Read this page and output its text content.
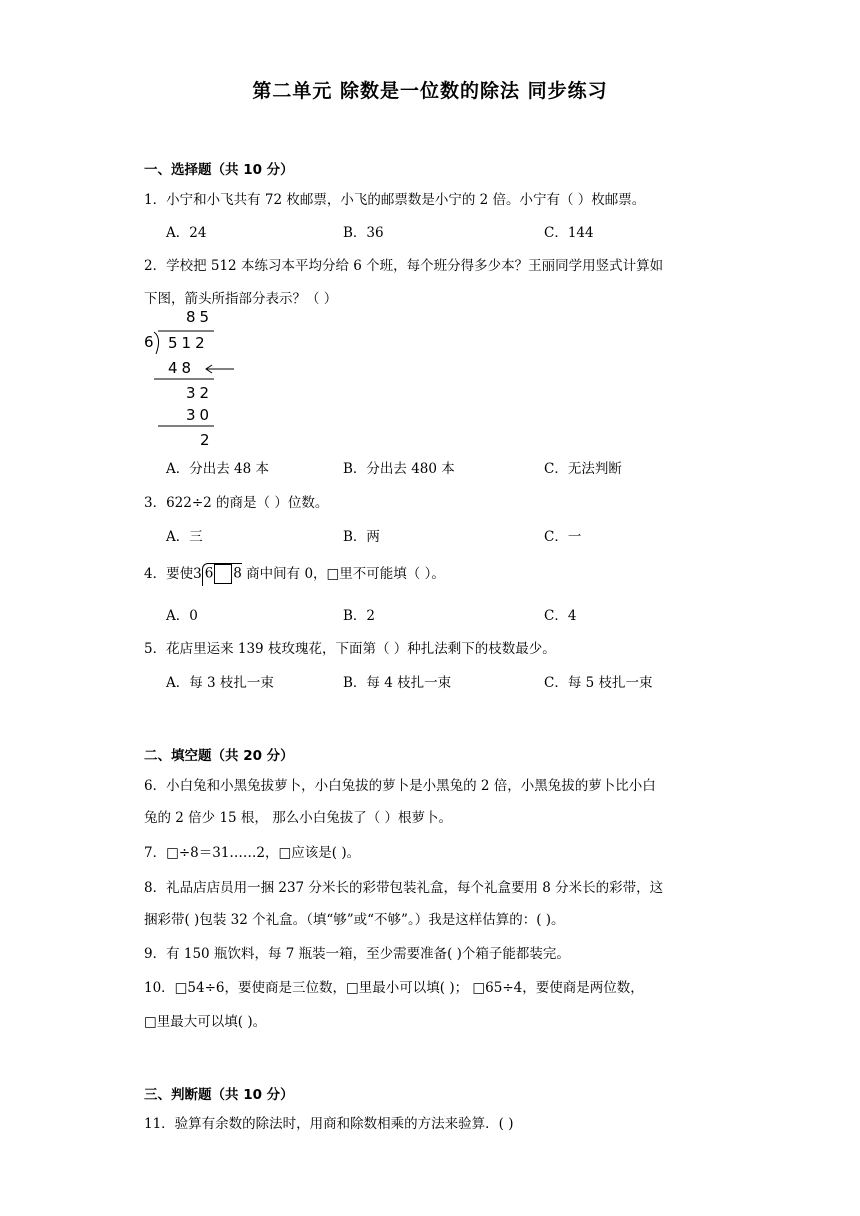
第二单元 除数是一位数的除法 同步练习
一、选择题（共 10 分）
1．小宁和小飞共有 72 枚邮票，小飞的邮票数是小宁的 2 倍。小宁有（ ）枚邮票。
A．24	B．36	C．144
2．学校把 512 本练习本平均分给 6 个班，每个班分得多少本？王丽同学用竖式计算如
下图，箭头所指部分表示？（ ）
85
6 512
48
32
30
2
A．分出去 48 本	B．分出去 480 本	C．无法判断
3．622÷2 的商是（ ）位数。
A．三	B．两	C．一
4．要使3 6 8 商中间有 0，□里不可能填（ ）。
A．0	B．2	C．4
5．花店里运来 139 枝玫瑰花，下面第（ ）种扎法剩下的枝数最少。
A．每 3 枝扎一束	B．每 4 枝扎一束	C．每 5 枝扎一束
二、填空题（共 20 分）
6．小白兔和小黑兔拔萝卜，小白兔拔的萝卜是小黑兔的 2 倍，小黑兔拔的萝卜比小白
兔的 2 倍少 15 根， 那么小白兔拔了（ ）根萝卜。
7．□÷8＝31……2，□应该是( )。
8．礼品店店员用一捆 237 分米长的彩带包装礼盒，每个礼盒要用 8 分米长的彩带，这
捆彩带( )包装 32 个礼盒。（填“够”或“不够”。）我是这样估算的：( )。
9．有 150 瓶饮料，每 7 瓶装一箱，至少需要准备( )个箱子能都装完。
10．□54÷6，要使商是三位数，□里最小可以填( )； □65÷4，要使商是两位数，
□里最大可以填( )。
三、判断题（共 10 分）
11．验算有余数的除法时，用商和除数相乘的方法来验算．( )
